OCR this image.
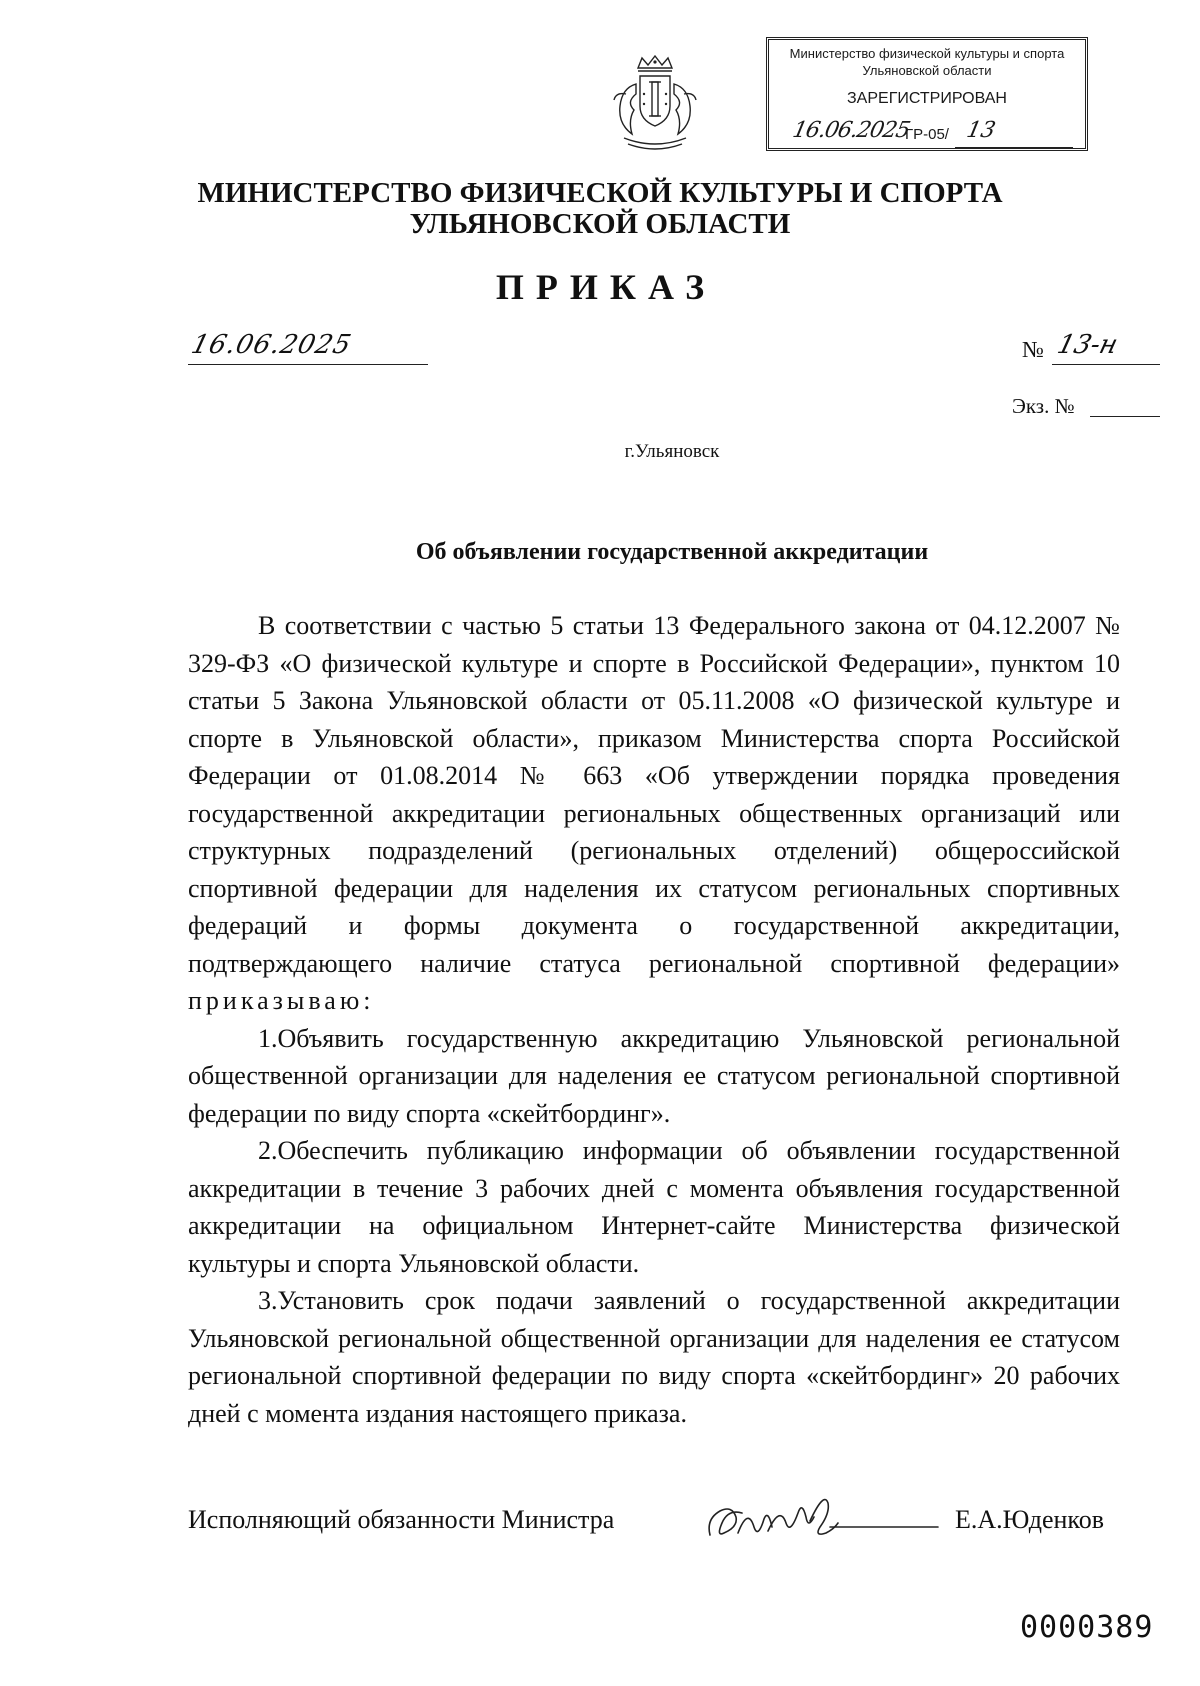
Министерство физической культуры и спорта
Ульяновской области
ЗАРЕГИСТРИРОВАН
16.06.2025
ГР-05/ 13
МИНИСТЕРСТВО ФИЗИЧЕСКОЙ КУЛЬТУРЫ И СПОРТА
УЛЬЯНОВСКОЙ ОБЛАСТИ
ПРИКАЗ
16.06.2025	№ 13-н
Экз. №
г.Ульяновск
Об объявлении государственной аккредитации

В соответствии с частью 5 статьи 13 Федерального закона от 04.12.2007 № 329-ФЗ «О физической культуре и спорте в Российской Федерации», пунктом 10 статьи 5 Закона Ульяновской области от 05.11.2008 «О физической культуре и спорте в Ульяновской области», приказом Министерства спорта Российской Федерации от 01.08.2014 № 663 «Об утверждении порядка проведения государственной аккредитации региональных общественных организаций или структурных подразделений (региональных отделений) общероссийской спортивной федерации для наделения их статусом региональных спортивных федераций и формы документа о государственной аккредитации, подтверждающего наличие статуса региональной спортивной федерации» приказываю:

1.Объявить государственную аккредитацию Ульяновской региональной общественной организации для наделения ее статусом региональной спортивной федерации по виду спорта «скейтбординг».

2.Обеспечить публикацию информации об объявлении государственной аккредитации в течение 3 рабочих дней с момента объявления государственной аккредитации на официальном Интернет-сайте Министерства физической культуры и спорта Ульяновской области.

3.Установить срок подачи заявлений о государственной аккредитации Ульяновской региональной общественной организации для наделения ее статусом региональной спортивной федерации по виду спорта «скейтбординг» 20 рабочих дней с момента издания настоящего приказа.

Исполняющий обязанности Министра	Е.А.Юденков
0000389
